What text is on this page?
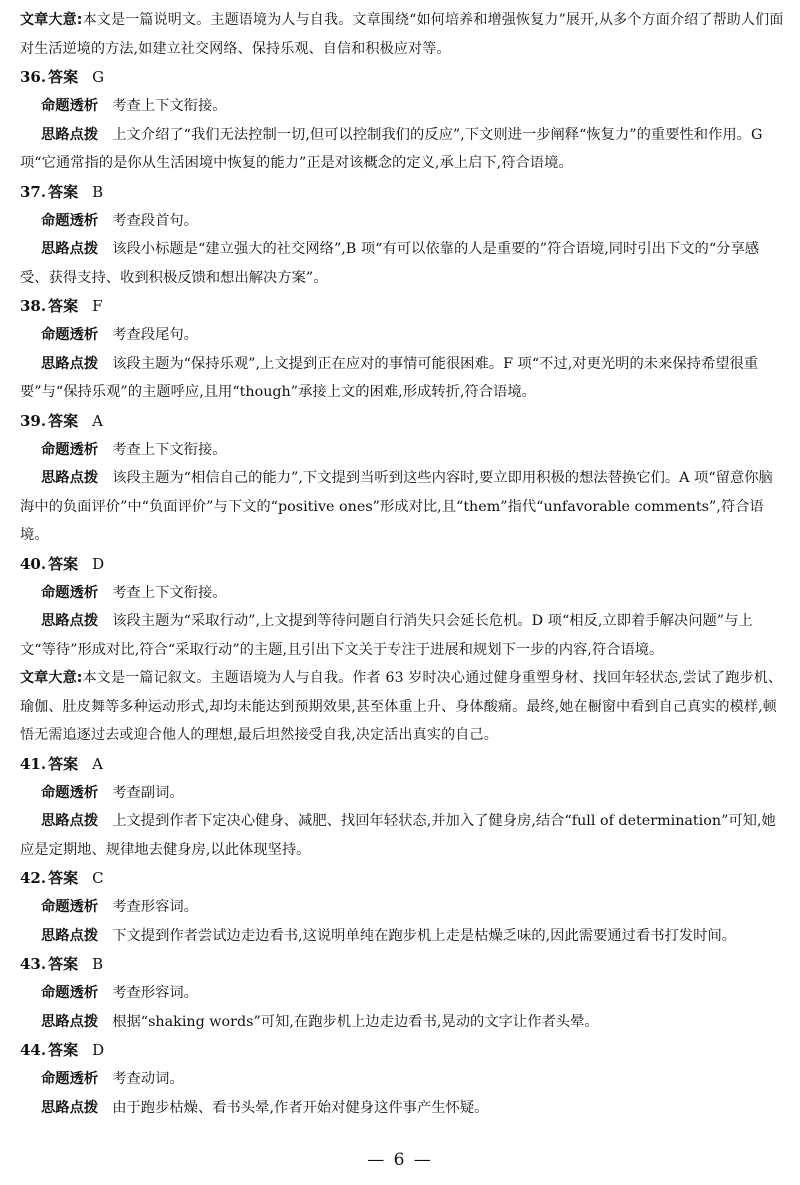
文章大意:本文是一篇说明文。主题语境为人与自我。文章围绕“如何培养和增强恢复力”展开,从多个方面介绍了帮助人们面对生活逆境的方法,如建立社交网络、保持乐观、自信和积极应对等。

36. 答案 G

命题透析 考查上下文衔接。

思路点拨 上文介绍了“我们无法控制一切,但可以控制我们的反应”,下文则进一步阐释“恢复力”的重要性和作用。G 项“它通常指的是你从生活困境中恢复的能力”正是对该概念的定义,承上启下,符合语境。

37. 答案 B

命题透析 考查段首句。

思路点拨 该段小标题是“建立强大的社交网络”,B 项“有可以依靠的人是重要的”符合语境,同时引出下文的“分享感受、获得支持、收到积极反馈和想出解决方案”。

38. 答案 F

命题透析 考查段尾句。

思路点拨 该段主题为“保持乐观”,上文提到正在应对的事情可能很困难。F 项“不过,对更光明的未来保持希望很重要”与“保持乐观”的主题呼应,且用“though”承接上文的困难,形成转折,符合语境。

39. 答案 A

命题透析 考查上下文衔接。

思路点拨 该段主题为“相信自己的能力”,下文提到当听到这些内容时,要立即用积极的想法替换它们。A 项“留意你脑海中的负面评价”中“负面评价”与下文的“positive ones”形成对比,且“them”指代“unfavorable comments”,符合语境。

40. 答案 D

命题透析 考查上下文衔接。

思路点拨 该段主题为“采取行动”,上文提到等待问题自行消失只会延长危机。D 项“相反,立即着手解决问题”与上文“等待”形成对比,符合“采取行动”的主题,且引出下文关于专注于进展和规划下一步的内容,符合语境。

文章大意:本文是一篇记叙文。主题语境为人与自我。作者 63 岁时决心通过健身重塑身材、找回年轻状态,尝试了跑步机、瑜伽、肚皮舞等多种运动形式,却均未能达到预期效果,甚至体重上升、身体酸痛。最终,她在橱窗中看到自己真实的模样,顿悟无需追逐过去或迎合他人的理想,最后坦然接受自我,决定活出真实的自己。

41. 答案 A

命题透析 考查副词。

思路点拨 上文提到作者下定决心健身、减肥、找回年轻状态,并加入了健身房,结合“full of determination”可知,她应是定期地、规律地去健身房,以此体现坚持。

42. 答案 C

命题透析 考查形容词。

思路点拨 下文提到作者尝试边走边看书,这说明单纯在跑步机上走是枯燥乏味的,因此需要通过看书打发时间。

43. 答案 B

命题透析 考查形容词。

思路点拨 根据“shaking words”可知,在跑步机上边走边看书,晃动的文字让作者头晕。

44. 答案 D

命题透析 考查动词。

思路点拨 由于跑步枯燥、看书头晕,作者开始对健身这件事产生怀疑。

— 6 —
